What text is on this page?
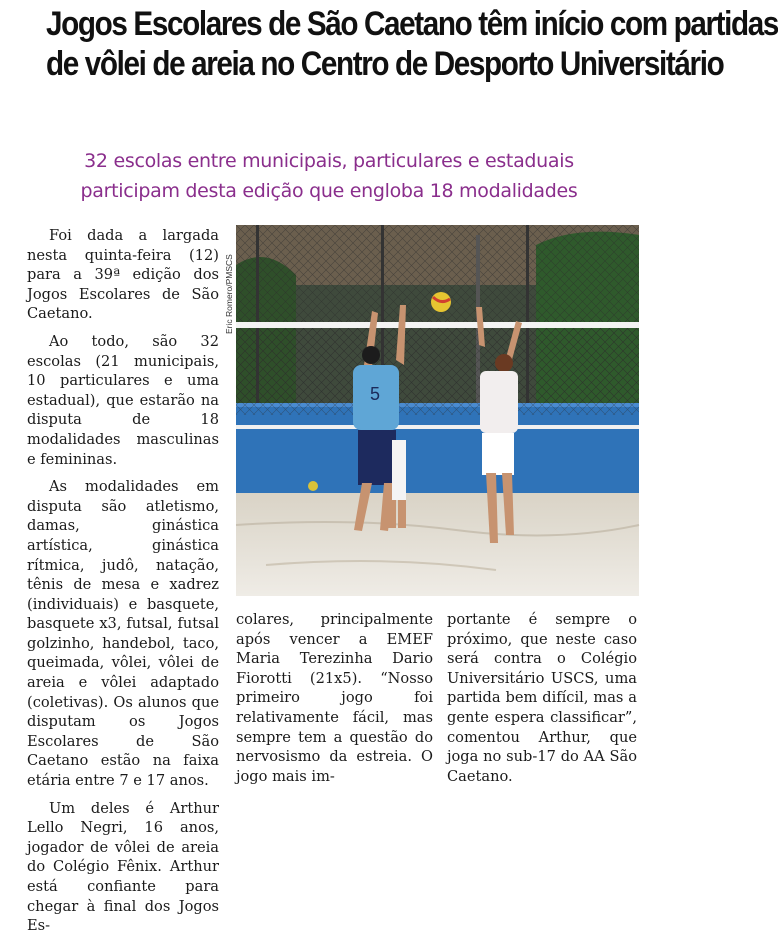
Jogos Escolares de São Caetano têm início com partidas
de vôlei de areia no Centro de Desporto Universitário
32 escolas entre municipais, particulares e estaduais
participam desta edição que engloba 18 modalidades

Foi dada a largada nesta quinta-feira (12) para a 39ª edição dos Jogos Escolares de São Caetano.

Ao todo, são 32 escolas (21 municipais, 10 particulares e uma estadual), que estarão na disputa de 18 modalidades masculinas e femininas.

As modalidades em disputa são atletismo, damas, ginástica artística, ginástica rítmica, judô, natação, tênis de mesa e xadrez (individuais) e basquete, basquete x3, futsal, futsal golzinho, handebol, taco, queimada, vôlei, vôlei de areia e vôlei adaptado (coletivas). Os alunos que disputam os Jogos Escolares de São Caetano estão na faixa etária entre 7 e 17 anos.

Um deles é Arthur Lello Negri, 16 anos, jogador de vôlei de areia do Colégio Fênix. Arthur está confiante para chegar à final dos Jogos Es-

Eric Romero/PMSCS
5

colares, principalmente após vencer a EMEF Maria Terezinha Dario Fiorotti (21x5). “Nosso primeiro jogo foi relativamente fácil, mas sempre tem a questão do nervosismo da estreia. O jogo mais im-

portante é sempre o próximo, que neste caso será contra o Colégio Universitário USCS, uma partida bem difícil, mas a gente espera classificar”, comentou Arthur, que joga no sub-17 do AA São Caetano.
